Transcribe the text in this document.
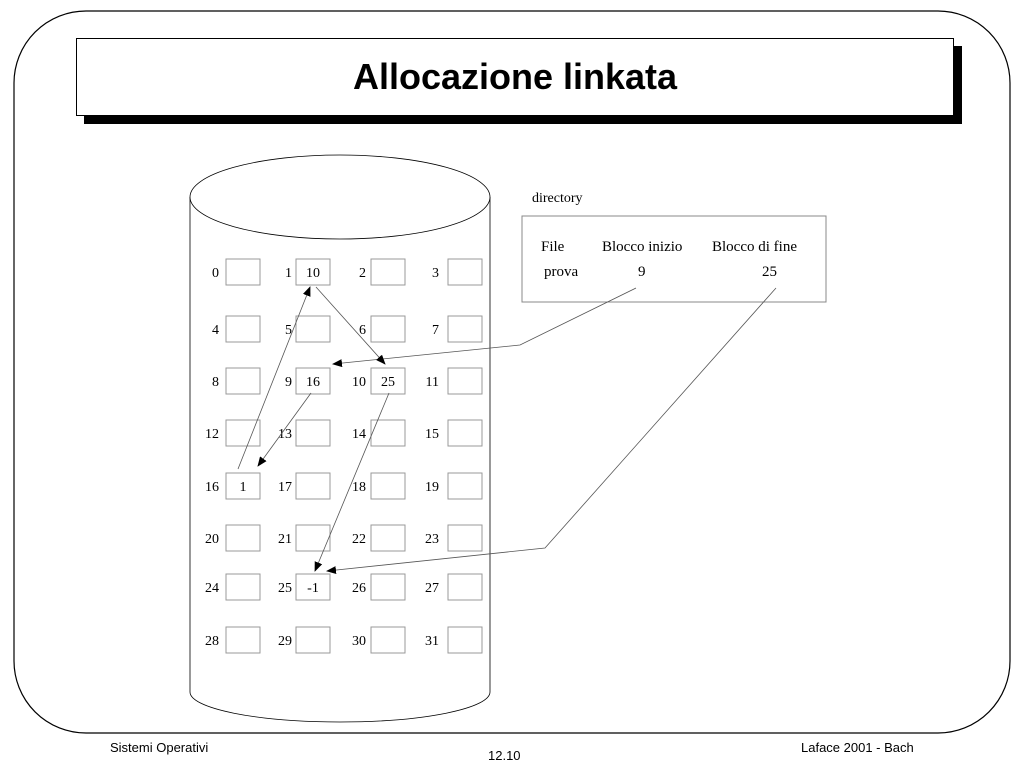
Allocazione linkata
directory
File	Blocco inizio Blocco di fine
prova	9	25
0	1 10	2	3
4	5	6	7
8	9 16 10 25 11
12	13	14	15
16 1 17	18	19
20	21	22	23
24	25 -1 26	27
28	29	30	31
Sistemi Operativi
12.10
Laface 2001 - Bach
